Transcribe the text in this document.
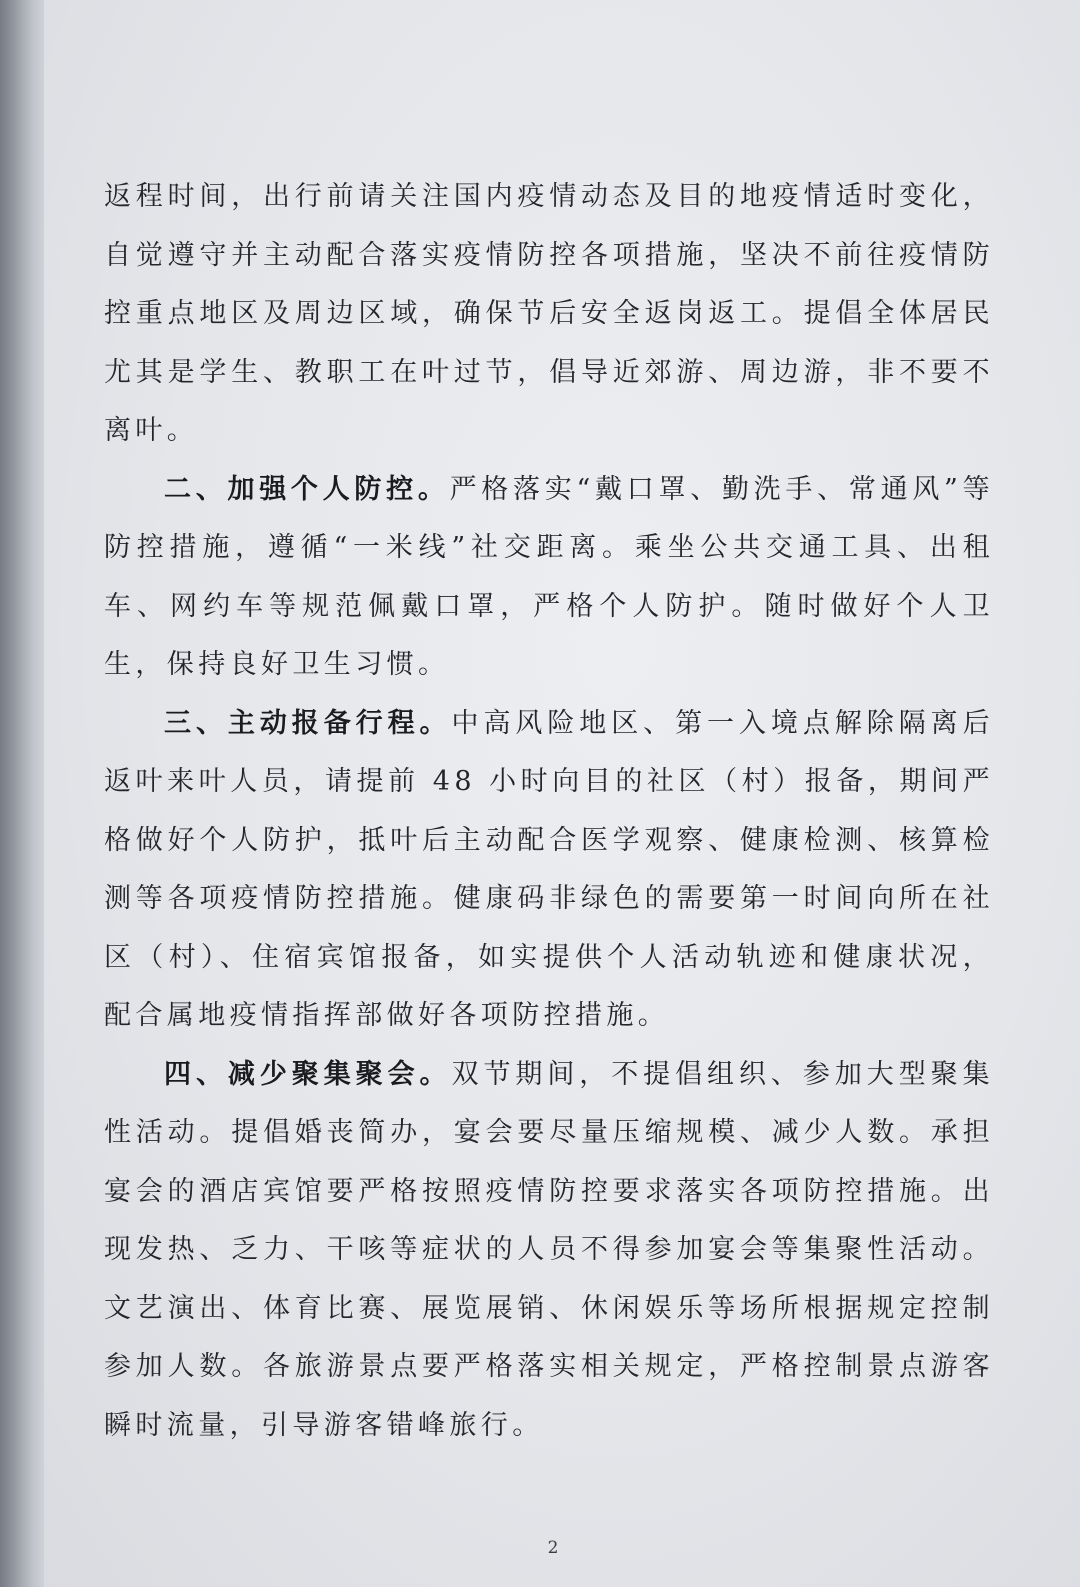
返程时间，出行前请关注国内疫情动态及目的地疫情适时变化，自觉遵守并主动配合落实疫情防控各项措施，坚决不前往疫情防控重点地区及周边区域，确保节后安全返岗返工。提倡全体居民尤其是学生、教职工在叶过节，倡导近郊游、周边游，非不要不离叶。

二、加强个人防控。严格落实“戴口罩、勤洗手、常通风”等防控措施，遵循“一米线”社交距离。乘坐公共交通工具、出租车、网约车等规范佩戴口罩，严格个人防护。随时做好个人卫生，保持良好卫生习惯。

三、主动报备行程。中高风险地区、第一入境点解除隔离后返叶来叶人员，请提前 48 小时向目的社区（村）报备，期间严格做好个人防护，抵叶后主动配合医学观察、健康检测、核算检测等各项疫情防控措施。健康码非绿色的需要第一时间向所在社区（村）、住宿宾馆报备，如实提供个人活动轨迹和健康状况，配合属地疫情指挥部做好各项防控措施。

四、减少聚集聚会。双节期间，不提倡组织、参加大型聚集性活动。提倡婚丧简办，宴会要尽量压缩规模、减少人数。承担宴会的酒店宾馆要严格按照疫情防控要求落实各项防控措施。出现发热、乏力、干咳等症状的人员不得参加宴会等集聚性活动。文艺演出、体育比赛、展览展销、休闲娱乐等场所根据规定控制参加人数。各旅游景点要严格落实相关规定，严格控制景点游客瞬时流量，引导游客错峰旅行。

2
